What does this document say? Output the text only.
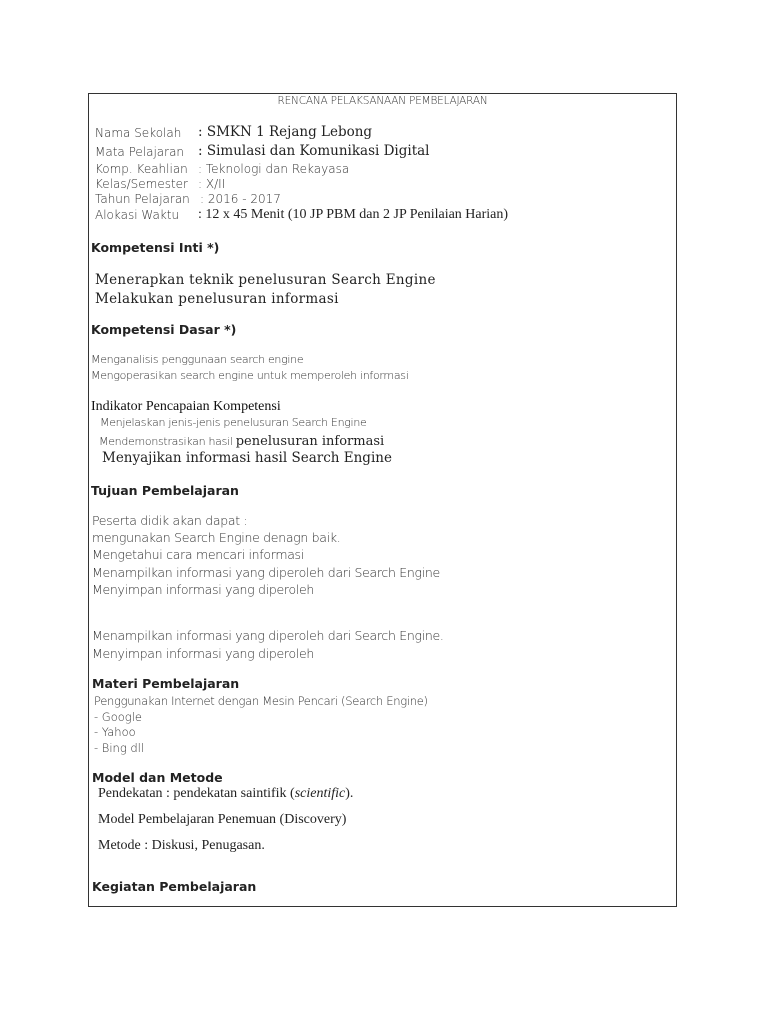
RENCANA PELAKSANAAN PEMBELAJARAN
Nama Sekolah : SMKN 1 Rejang Lebong
Mata Pelajaran : Simulasi dan Komunikasi Digital
Komp. Keahlian : Teknologi dan Rekayasa
Kelas/Semester : X/II
Tahun Pelajaran : 2016 - 2017
Alokasi Waktu : 12 x 45 Menit (10 JP PBM dan 2 JP Penilaian Harian)
Kompetensi Inti *)
Menerapkan teknik penelusuran Search Engine
Melakukan penelusuran informasi
Kompetensi Dasar *)
Menganalisis penggunaan search engine
Mengoperasikan search engine untuk memperoleh informasi
Indikator Pencapaian Kompetensi
Menjelaskan jenis-jenis penelusuran Search Engine
Mendemonstrasikan hasil penelusuran informasi
Menyajikan informasi hasil Search Engine
Tujuan Pembelajaran
Peserta didik akan dapat :
mengunakan Search Engine denagn baik.
Mengetahui cara mencari informasi
Menampilkan informasi yang diperoleh dari Search Engine
Menyimpan informasi yang diperoleh
Menampilkan informasi yang diperoleh dari Search Engine.
Menyimpan informasi yang diperoleh
Materi Pembelajaran
Penggunakan Internet dengan Mesin Pencari (Search Engine)
- Google
- Yahoo
- Bing dll
Model dan Metode
Pendekatan : pendekatan saintifik (scientific).
Model Pembelajaran Penemuan (Discovery)
Metode : Diskusi, Penugasan.
Kegiatan Pembelajaran
